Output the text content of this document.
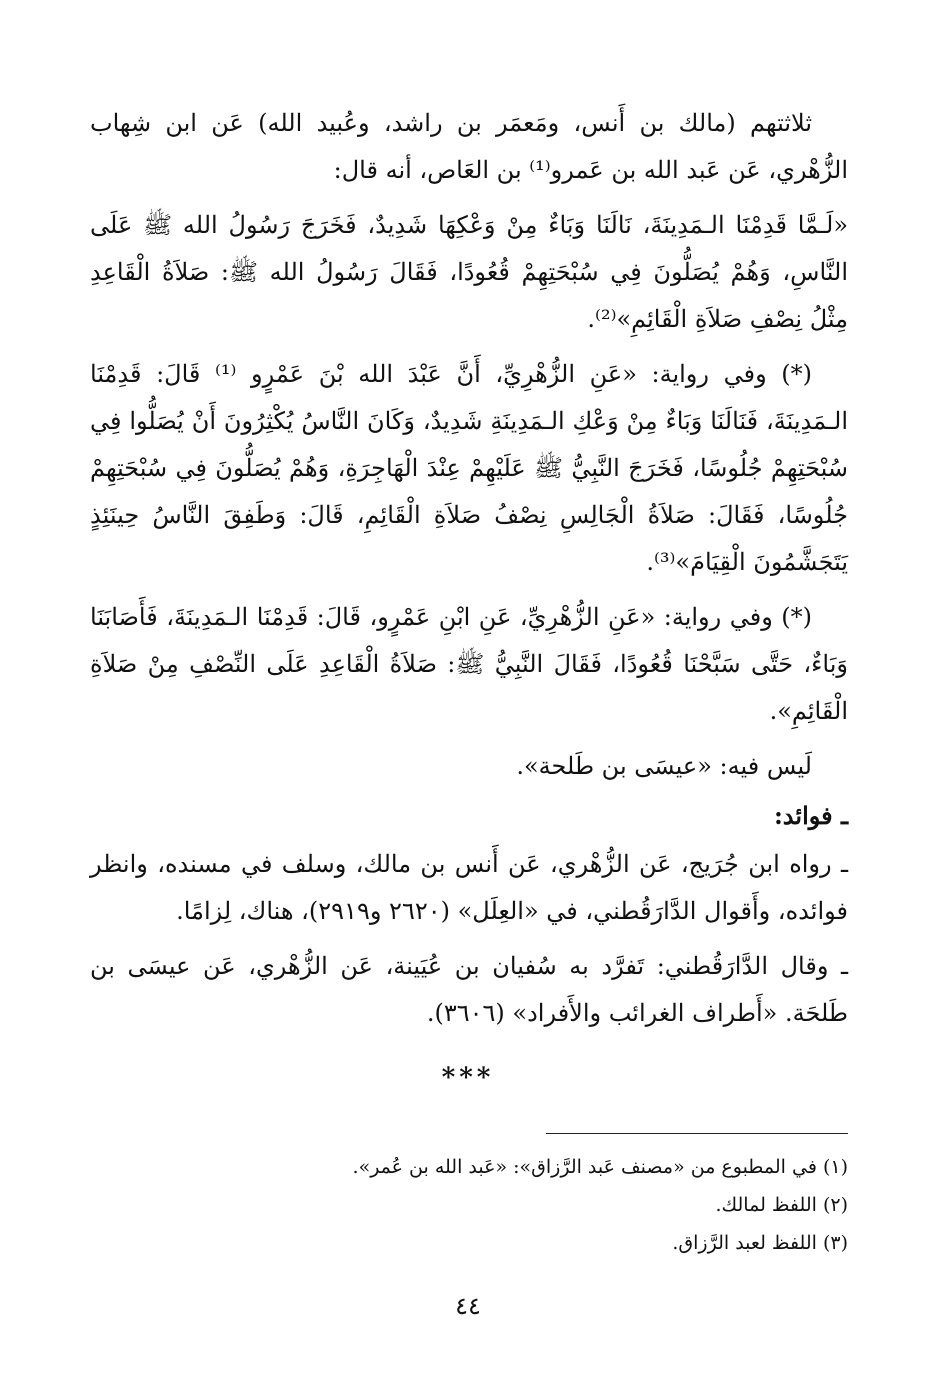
ثلاثتهم (مالك بن أَنس، ومَعمَر بن راشد، وعُبيد الله) عَن ابن شِهاب الزُّهْري، عَن عَبد الله بن عَمرو⁽¹⁾ بن العَاص، أنه قال:

«لَـمَّا قَدِمْنَا الـمَدِينَةَ، نَالَنَا وَبَاءٌ مِنْ وَعْكِهَا شَدِيدٌ، فَخَرَجَ رَسُولُ الله ﷺ عَلَى النَّاسِ، وَهُمْ يُصَلُّونَ فِي سُبْحَتِهِمْ قُعُودًا، فَقَالَ رَسُولُ الله ﷺ: صَلاَةُ الْقَاعِدِ مِثْلُ نِصْفِ صَلاَةِ الْقَائِمِ»⁽²⁾.

(*) وفي رواية: «عَنِ الزُّهْرِيِّ، أَنَّ عَبْدَ الله بْنَ عَمْرٍو ⁽¹⁾ قَالَ: قَدِمْنَا الـمَدِينَةَ، فَنَالَنَا وَبَاءٌ مِنْ وَعْكِ الـمَدِينَةِ شَدِيدٌ، وَكَانَ النَّاسُ يُكْثِرُونَ أَنْ يُصَلُّوا فِي سُبْحَتِهِمْ جُلُوسًا، فَخَرَجَ النَّبِيُّ ﷺ عَلَيْهِمْ عِنْدَ الْهَاجِرَةِ، وَهُمْ يُصَلُّونَ فِي سُبْحَتِهِمْ جُلُوسًا، فَقَالَ: صَلاَةُ الْجَالِسِ نِصْفُ صَلاَةِ الْقَائِمِ، قَالَ: وَطَفِقَ النَّاسُ حِينَئِذٍ يَتَجَشَّمُونَ الْقِيَامَ»⁽³⁾.

(*) وفي رواية: «عَنِ الزُّهْرِيِّ، عَنِ ابْنِ عَمْرٍو، قَالَ: قَدِمْنَا الـمَدِينَةَ، فَأَصَابَنَا وَبَاءٌ، حَتَّى سَبَّحْنَا قُعُودًا، فَقَالَ النَّبِيُّ ﷺ: صَلاَةُ الْقَاعِدِ عَلَى النِّصْفِ مِنْ صَلاَةِ الْقَائِمِ».

لَيس فيه: «عيسَى بن طَلحة».

ـ فوائد:

ـ رواه ابن جُرَيج، عَن الزُّهْري، عَن أَنس بن مالك، وسلف في مسنده، وانظر فوائده، وأَقوال الدَّارَقُطني، في «العِلَل» (٢٦٢٠ و٢٩١٩)، هناك، لِزامًا.

ـ وقال الدَّارَقُطني: تَفرَّد به سُفيان بن عُيَينة، عَن الزُّهْري، عَن عيسَى بن طَلحَة. «أَطراف الغرائب والأَفراد» (٣٦٠٦).

***
(١) في المطبوع من «مصنف عَبد الرَّزاق»: «عَبد الله بن عُمر».
(٢) اللفظ لمالك.
(٣) اللفظ لعبد الرَّزاق.
٤٤
